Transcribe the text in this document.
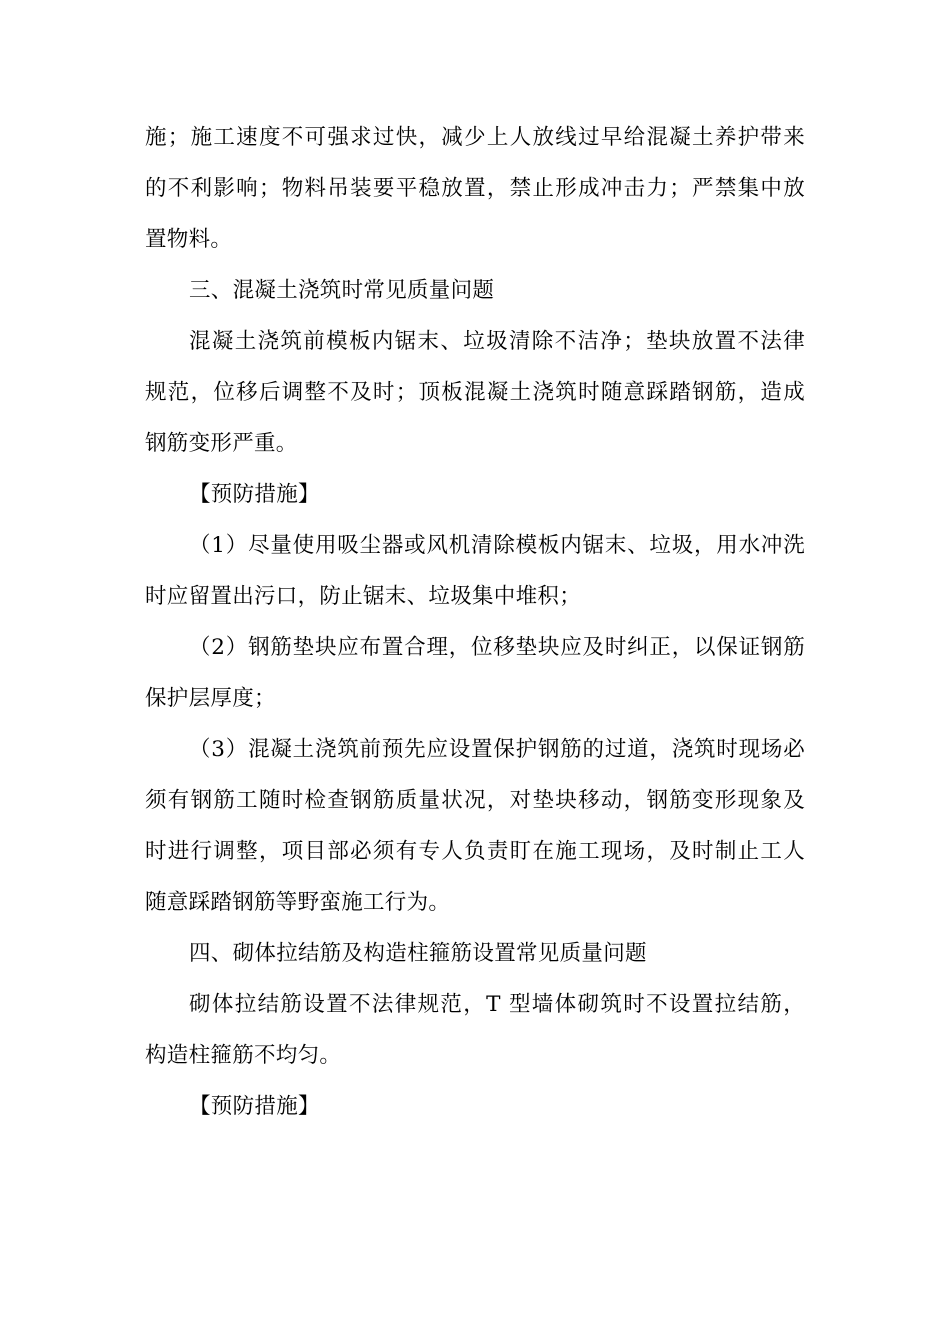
施；施工速度不可强求过快，减少上人放线过早给混凝土养护带来
的不利影响；物料吊装要平稳放置，禁止形成冲击力；严禁集中放
置物料。
三、混凝土浇筑时常见质量问题
混凝土浇筑前模板内锯末、垃圾清除不洁净；垫块放置不法律
规范，位移后调整不及时；顶板混凝土浇筑时随意踩踏钢筋，造成
钢筋变形严重。
【预防措施】
（1）尽量使用吸尘器或风机清除模板内锯末、垃圾，用水冲洗
时应留置出污口，防止锯末、垃圾集中堆积；
（2）钢筋垫块应布置合理，位移垫块应及时纠正，以保证钢筋
保护层厚度；
（3）混凝土浇筑前预先应设置保护钢筋的过道，浇筑时现场必
须有钢筋工随时检查钢筋质量状况，对垫块移动，钢筋变形现象及
时进行调整，项目部必须有专人负责盯在施工现场，及时制止工人
随意踩踏钢筋等野蛮施工行为。
四、砌体拉结筋及构造柱箍筋设置常见质量问题
砌体拉结筋设置不法律规范，T 型墙体砌筑时不设置拉结筋，
构造柱箍筋不均匀。
【预防措施】
